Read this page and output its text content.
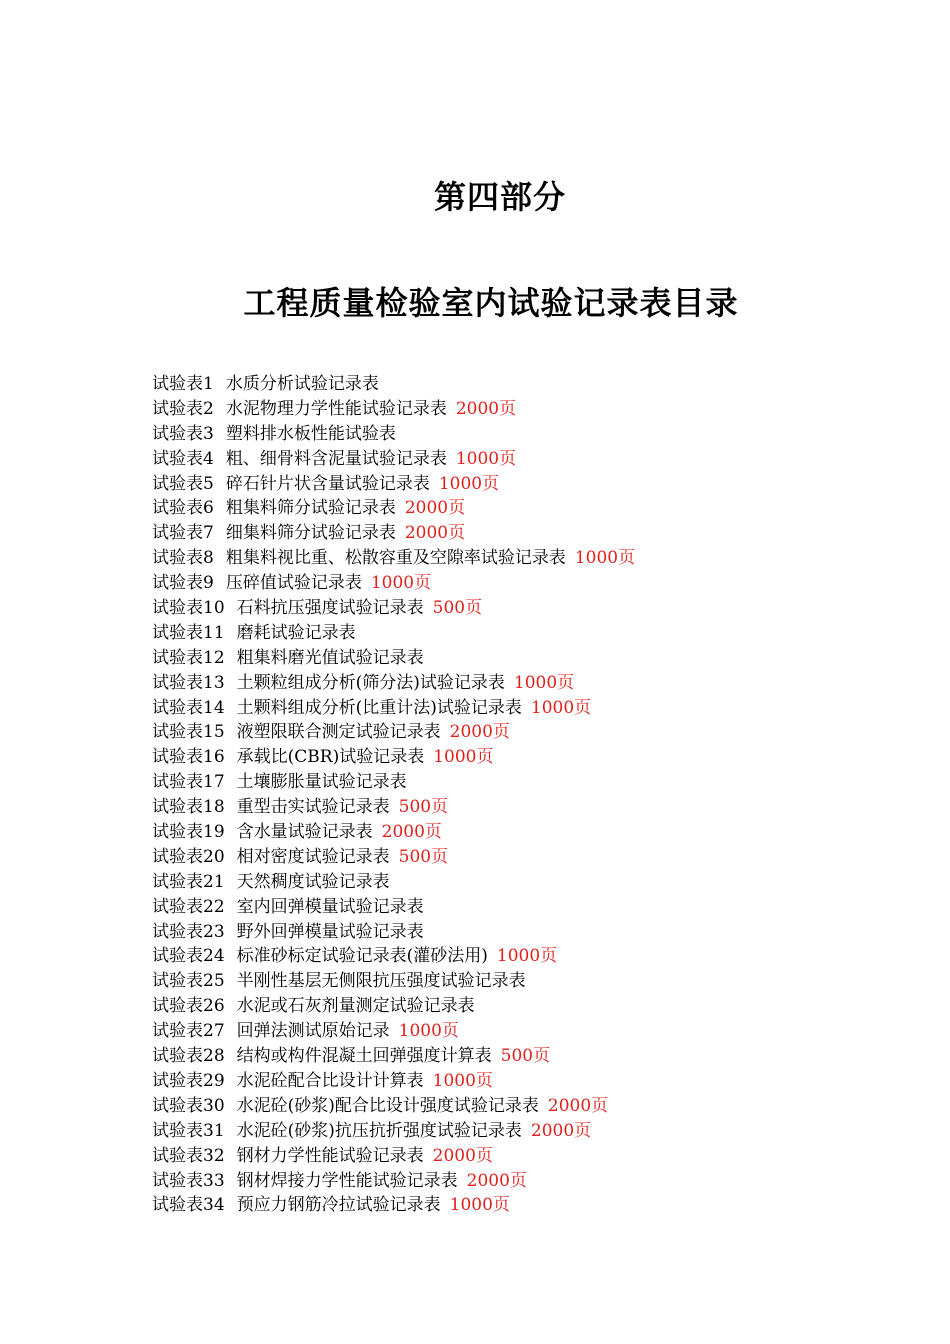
第四部分
工程质量检验室内试验记录表目录
试验表1 水质分析试验记录表
试验表2 水泥物理力学性能试验记录表 2000页
试验表3 塑料排水板性能试验表
试验表4 粗、细骨料含泥量试验记录表 1000页
试验表5 碎石针片状含量试验记录表 1000页
试验表6 粗集料筛分试验记录表 2000页
试验表7 细集料筛分试验记录表2000页
试验表8 粗集料视比重、松散容重及空隙率试验记录表 1000页
试验表9 压碎值试验记录表 1000页
试验表10 石料抗压强度试验记录表 500页
试验表11 磨耗试验记录表
试验表12 粗集料磨光值试验记录表
试验表13 土颗粒组成分析(筛分法)试验记录表 1000页
试验表14 土颗料组成分析(比重计法)试验记录表 1000页
试验表15 液塑限联合测定试验记录表 2000页
试验表16 承载比(CBR)试验记录表 1000页
试验表17 土壤膨胀量试验记录表
试验表18 重型击实试验记录表 500页
试验表19 含水量试验记录表 2000页
试验表20 相对密度试验记录表 500页
试验表21 天然稠度试验记录表
试验表22 室内回弹模量试验记录表
试验表23 野外回弹模量试验记录表
试验表24 标准砂标定试验记录表(灌砂法用) 1000页
试验表25 半刚性基层无侧限抗压强度试验记录表
试验表26 水泥或石灰剂量测定试验记录表
试验表27 回弹法测试原始记录 1000页
试验表28 结构或构件混凝土回弹强度计算表 500页
试验表29 水泥砼配合比设计计算表 1000页
试验表30 水泥砼(砂浆)配合比设计强度试验记录表 2000页
试验表31 水泥砼(砂浆)抗压抗折强度试验记录表2000页
试验表32 钢材力学性能试验记录表 2000页
试验表33 钢材焊接力学性能试验记录表 2000页
试验表34 预应力钢筋冷拉试验记录表 1000页
